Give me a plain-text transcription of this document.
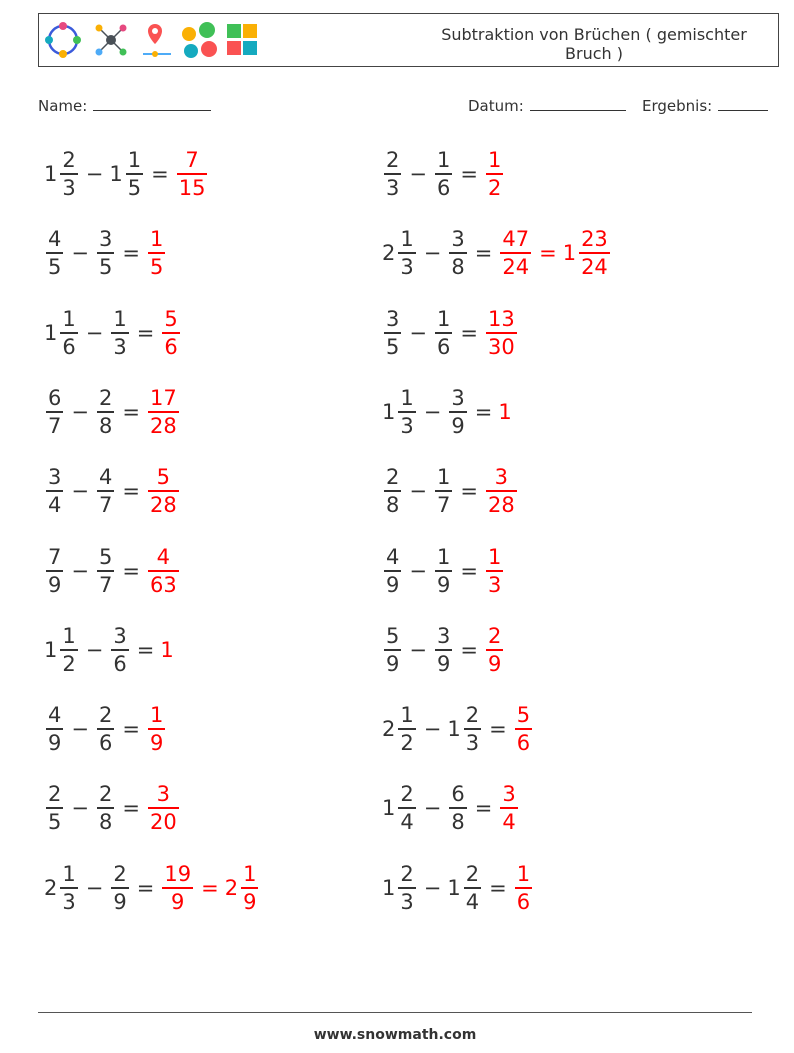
Subtraktion von Brüchen ( gemischter Bruch )
Name:	Datum:	Ergebnis:
$1 \frac{2}{3} - 1 \frac{1}{5} = \frac{7}{15}$	$\frac{2}{3} - \frac{1}{6} = \frac{1}{2}$
$\frac{4}{5} - \frac{3}{5} = \frac{1}{5}$	$2 \frac{1}{3} - \frac{3}{8} = \frac{47}{24} = 1 \frac{23}{24}$
$1 \frac{1}{6} - \frac{1}{3} = \frac{5}{6}$	$\frac{3}{5} - \frac{1}{6} = \frac{13}{30}$
$\frac{6}{7} - \frac{2}{8} = \frac{17}{28}$	$1 \frac{1}{3} - \frac{3}{9} = 1$
$\frac{3}{4} - \frac{4}{7} = \frac{5}{28}$	$\frac{2}{8} - \frac{1}{7} = \frac{3}{28}$
$\frac{7}{9} - \frac{5}{7} = \frac{4}{63}$	$\frac{4}{9} - \frac{1}{9} = \frac{1}{3}$
$1 \frac{1}{2} - \frac{3}{6} = 1$	$\frac{5}{9} - \frac{3}{9} = \frac{2}{9}$
$\frac{4}{9} - \frac{2}{6} = \frac{1}{9}$	$2 \frac{1}{2} - 1 \frac{2}{3} = \frac{5}{6}$
$\frac{2}{5} - \frac{2}{8} = \frac{3}{20}$	$1 \frac{2}{4} - \frac{6}{8} = \frac{3}{4}$
$2 \frac{1}{3} - \frac{2}{9} = \frac{19}{9} = 2 \frac{1}{9}$	$1 \frac{2}{3} - 1 \frac{2}{4} = \frac{1}{6}$
www.snowmath.com
